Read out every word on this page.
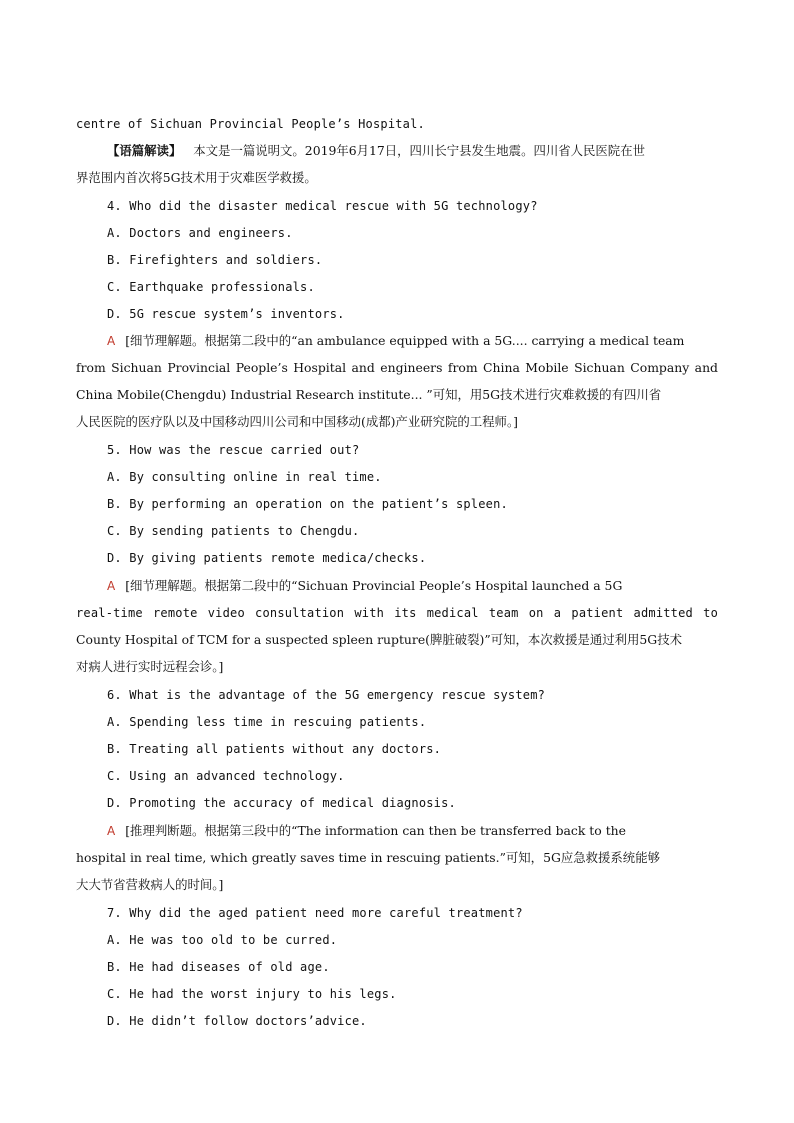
centre of Sichuan Provincial People’s Hospital.
【语篇解读】 本文是一篇说明文。2019年6月17日，四川长宁县发生地震。四川省人民医院在世
界范围内首次将5G技术用于灾难医学救援。
4. Who did the disaster medical rescue with 5G technology?
A. Doctors and engineers.
B. Firefighters and soldiers.
C. Earthquake professionals.
D. 5G rescue system’s inventors.
A [细节理解题。根据第二段中的“an ambulance equipped with a 5G.... carrying a medical team
from Sichuan Provincial People’s Hospital and engineers from China Mobile Sichuan Company and
China Mobile(Chengdu) Industrial Research institute... ”可知，用5G技术进行灾难救援的有四川省
人民医院的医疗队以及中国移动四川公司和中国移动(成都)产业研究院的工程师。]
5. How was the rescue carried out?
A. By consulting online in real time.
B. By performing an operation on the patient’s spleen.
C. By sending patients to Chengdu.
D. By giving patients remote medica/checks.
A [细节理解题。根据第二段中的“Sichuan Provincial People’s Hospital launched a 5G
real-time remote video consultation with its medical team on a patient admitted to
County Hospital of TCM for a suspected spleen rupture(脾脏破裂)”可知，本次救援是通过利用5G技术
对病人进行实时远程会诊。]
6. What is the advantage of the 5G emergency rescue system?
A. Spending less time in rescuing patients.
B. Treating all patients without any doctors.
C. Using an advanced technology.
D. Promoting the accuracy of medical diagnosis.
A [推理判断题。根据第三段中的“The information can then be transferred back to the
hospital in real time, which greatly saves time in rescuing patients.”可知，5G应急救援系统能够
大大节省营救病人的时间。]
7. Why did the aged patient need more careful treatment?
A. He was too old to be curred.
B. He had diseases of old age.
C. He had the worst injury to his legs.
D. He didn’t follow doctors’advice.
